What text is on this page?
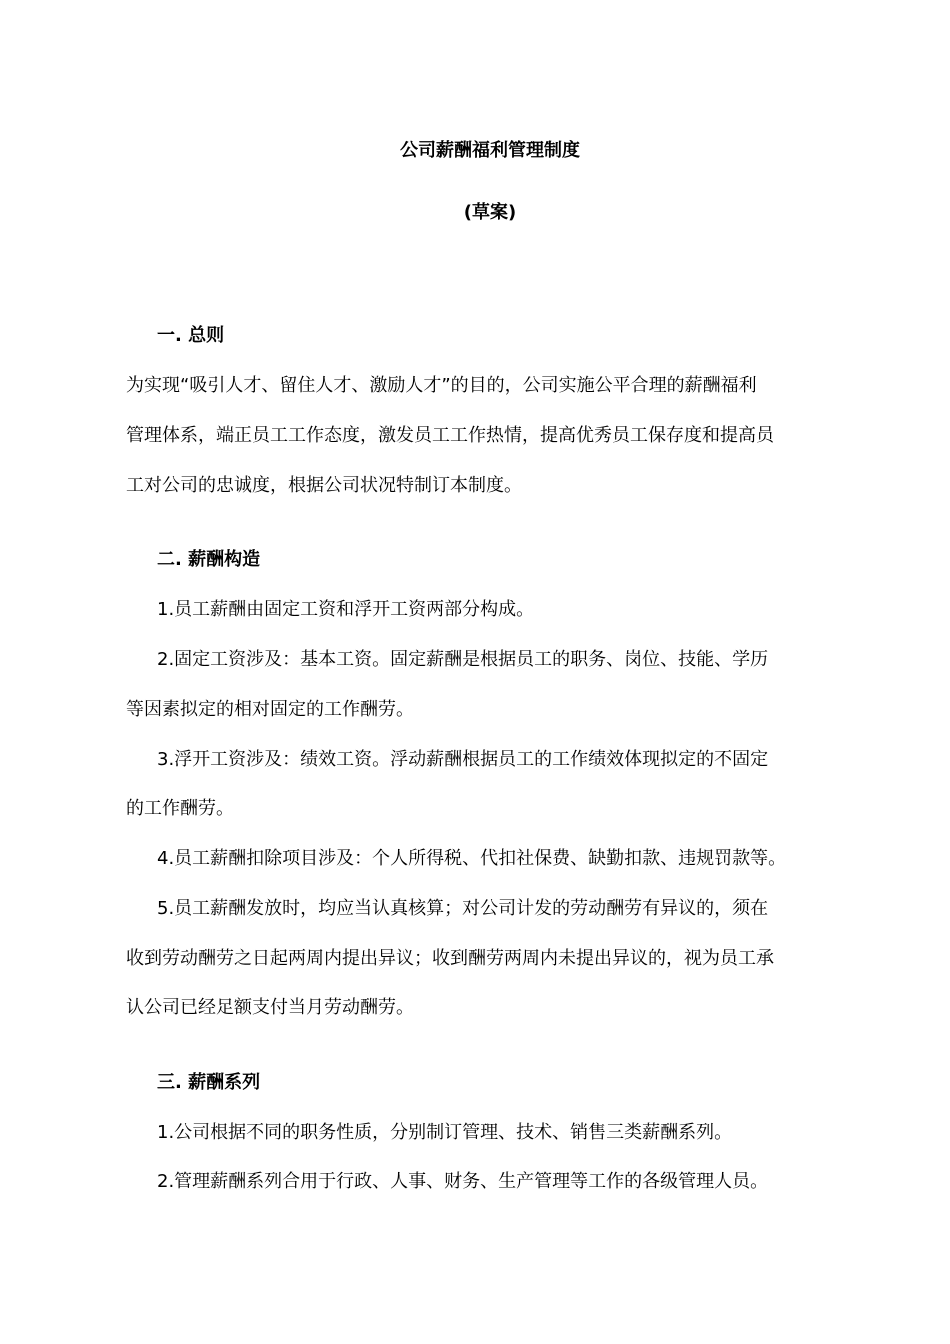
公司薪酬福利管理制度
(草案)
一. 总则
为实现“吸引人才、留住人才、激励人才”的目的，公司实施公平合理的薪酬福利
管理体系，端正员工工作态度，激发员工工作热情，提高优秀员工保存度和提高员
工对公司的忠诚度，根据公司状况特制订本制度。
二. 薪酬构造
1.员工薪酬由固定工资和浮开工资两部分构成。
2.固定工资涉及：基本工资。固定薪酬是根据员工的职务、岗位、技能、学历
等因素拟定的相对固定的工作酬劳。
3.浮开工资涉及：绩效工资。浮动薪酬根据员工的工作绩效体现拟定的不固定
的工作酬劳。
4.员工薪酬扣除项目涉及：个人所得税、代扣社保费、缺勤扣款、违规罚款等。
5.员工薪酬发放时，均应当认真核算；对公司计发的劳动酬劳有异议的，须在
收到劳动酬劳之日起两周内提出异议；收到酬劳两周内未提出异议的，视为员工承
认公司已经足额支付当月劳动酬劳。
三. 薪酬系列
1.公司根据不同的职务性质，分别制订管理、技术、销售三类薪酬系列。
2.管理薪酬系列合用于行政、人事、财务、生产管理等工作的各级管理人员。
